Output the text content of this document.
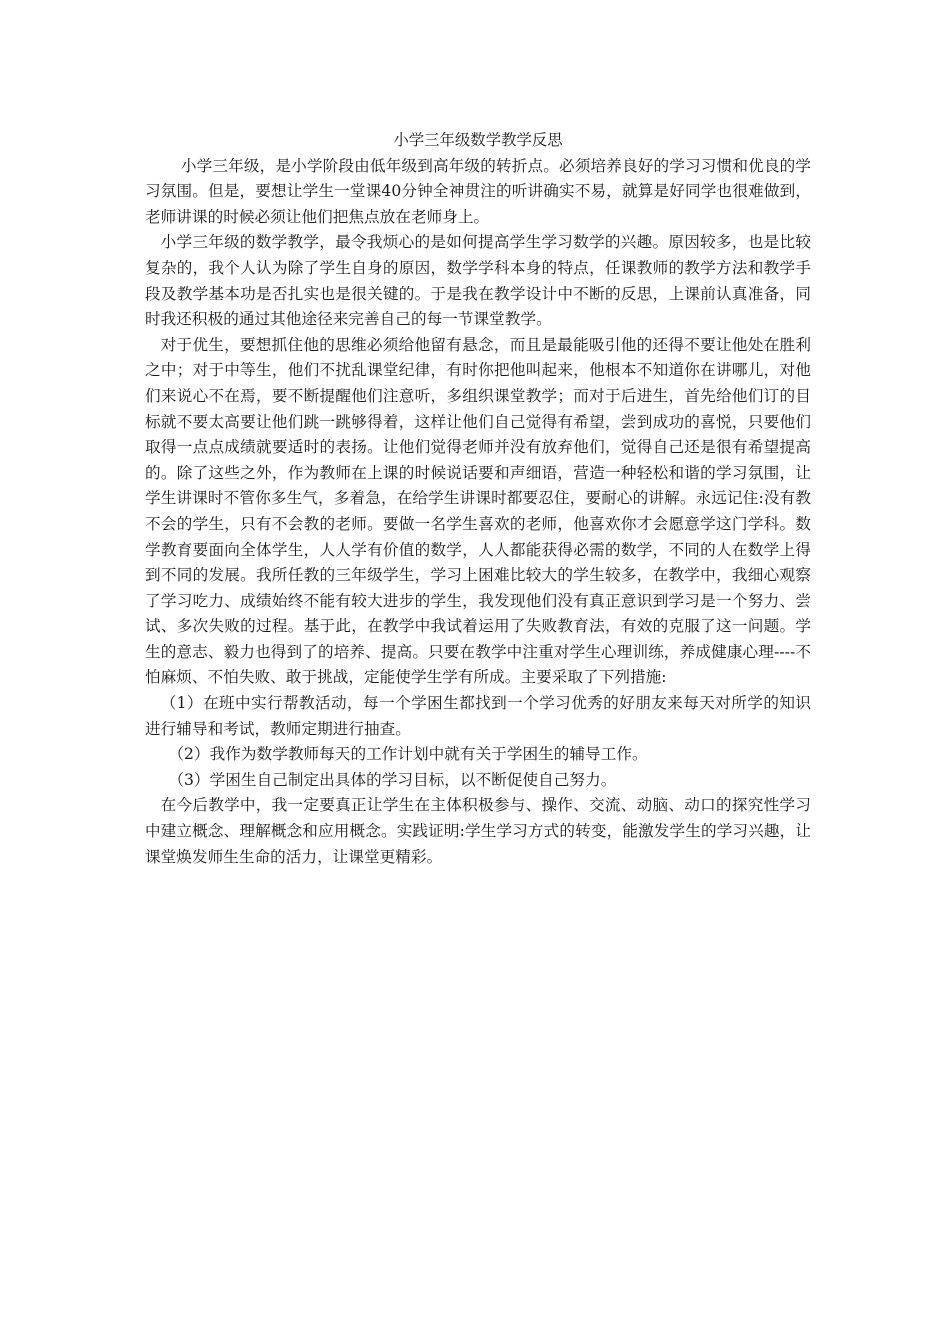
小学三年级数学教学反思

小学三年级，是小学阶段由低年级到高年级的转折点。必须培养良好的学习习惯和优良的学习氛围。但是，要想让学生一堂课40分钟全神贯注的听讲确实不易，就算是好同学也很难做到，老师讲课的时候必须让他们把焦点放在老师身上。

小学三年级的数学教学，最令我烦心的是如何提高学生学习数学的兴趣。原因较多，也是比较复杂的，我个人认为除了学生自身的原因，数学学科本身的特点，任课教师的教学方法和教学手段及教学基本功是否扎实也是很关键的。于是我在教学设计中不断的反思，上课前认真准备，同时我还积极的通过其他途径来完善自己的每一节课堂教学。

对于优生，要想抓住他的思维必须给他留有悬念，而且是最能吸引他的还得不要让他处在胜利之中；对于中等生，他们不扰乱课堂纪律，有时你把他叫起来，他根本不知道你在讲哪儿，对他们来说心不在焉，要不断提醒他们注意听，多组织课堂教学；而对于后进生，首先给他们订的目标就不要太高要让他们跳一跳够得着，这样让他们自己觉得有希望，尝到成功的喜悦，只要他们取得一点点成绩就要适时的表扬。让他们觉得老师并没有放弃他们，觉得自己还是很有希望提高的。除了这些之外，作为教师在上课的时候说话要和声细语，营造一种轻松和谐的学习氛围，让学生讲课时不管你多生气，多着急，在给学生讲课时都要忍住，要耐心的讲解。永远记住:没有教不会的学生，只有不会教的老师。要做一名学生喜欢的老师，他喜欢你才会愿意学这门学科。数学教育要面向全体学生，人人学有价值的数学，人人都能获得必需的数学，不同的人在数学上得到不同的发展。我所任教的三年级学生，学习上困难比较大的学生较多，在教学中，我细心观察了学习吃力、成绩始终不能有较大进步的学生，我发现他们没有真正意识到学习是一个努力、尝试、多次失败的过程。基于此，在教学中我试着运用了失败教育法，有效的克服了这一问题。学生的意志、毅力也得到了的培养、提高。只要在教学中注重对学生心理训练，养成健康心理----不怕麻烦、不怕失败、敢于挑战，定能使学生学有所成。主要采取了下列措施:

（1）在班中实行帮教活动，每一个学困生都找到一个学习优秀的好朋友来每天对所学的知识进行辅导和考试，教师定期进行抽查。

（2）我作为数学教师每天的工作计划中就有关于学困生的辅导工作。

（3）学困生自己制定出具体的学习目标，以不断促使自己努力。

在今后教学中，我一定要真正让学生在主体积极参与、操作、交流、动脑、动口的探究性学习中建立概念、理解概念和应用概念。实践证明:学生学习方式的转变，能激发学生的学习兴趣，让课堂焕发师生生命的活力，让课堂更精彩。
